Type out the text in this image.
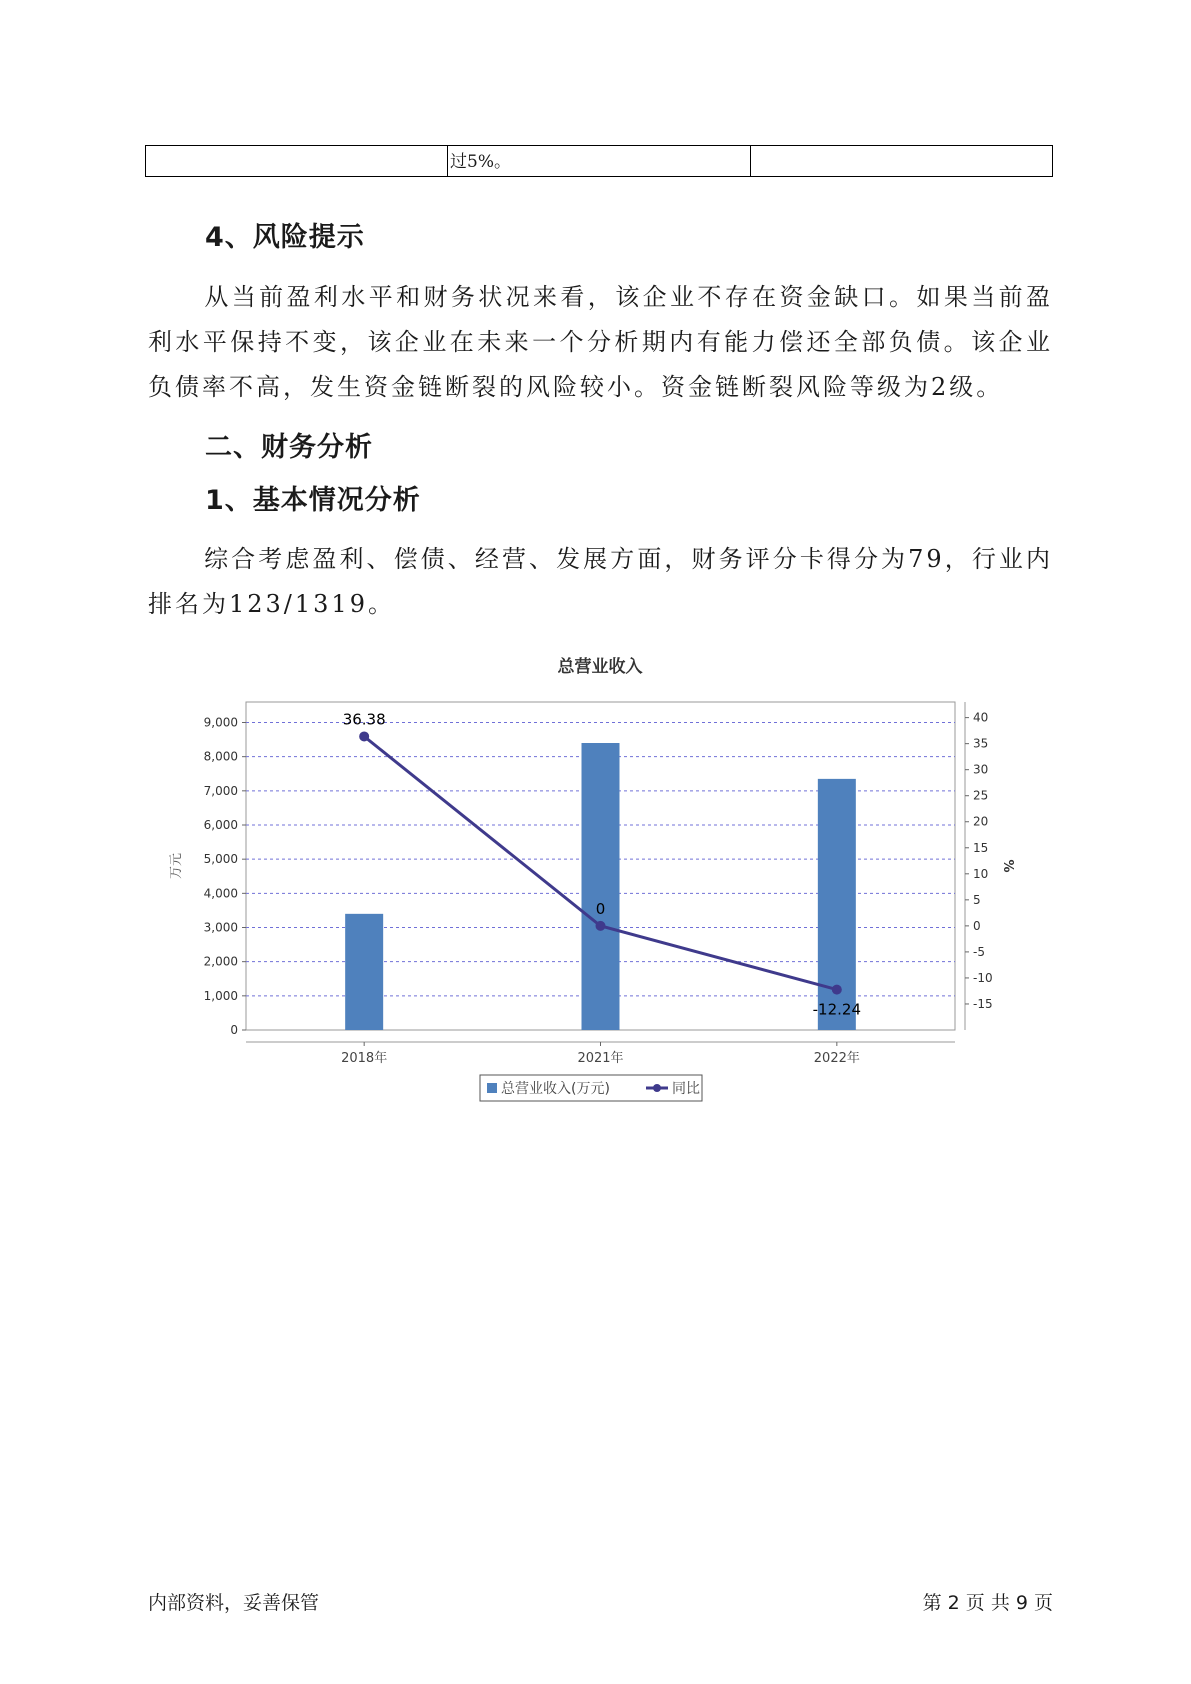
过5%。
4、风险提示

从当前盈利水平和财务状况来看，该企业不存在资金缺口。如果当前盈利水平保持不变，该企业在未来一个分析期内有能力偿还全部负债。该企业负债率不高，发生资金链断裂的风险较小。资金链断裂风险等级为2级。

二、财务分析
1、基本情况分析

综合考虑盈利、偿债、经营、发展方面，财务评分卡得分为79，行业内排名为123/1319。

总营业收入
0
1,000
2,000
3,000
4,000
5,000
6,000
7,000
8,000
9,000
-15
-10
-5
0
5
10
15
20
25
30
35
40
万元	%
2018年	2021年	2022年
36.38
0
-12.24
总营业收入(万元)	同比
内部资料，妥善保管	第 2 页 共 9 页
